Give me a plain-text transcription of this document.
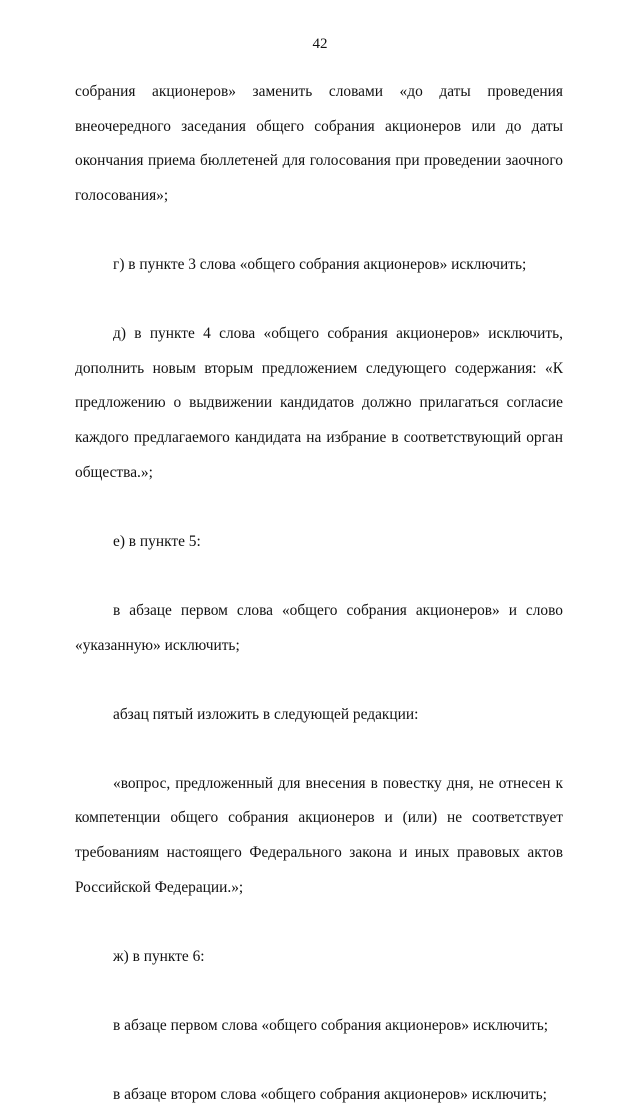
42
собрания акционеров» заменить словами «до даты проведения
внеочередного заседания общего собрания акционеров или до даты
окончания приема бюллетеней для голосования при проведении заочного
голосования»;
г) в пункте 3 слова «общего собрания акционеров» исключить;
д) в пункте 4 слова «общего собрания акционеров» исключить,
дополнить новым вторым предложением следующего содержания: «К
предложению о выдвижении кандидатов должно прилагаться согласие
каждого предлагаемого кандидата на избрание в соответствующий орган
общества.»;
е) в пункте 5:
в абзаце первом слова «общего собрания акционеров» и слово
«указанную» исключить;
абзац пятый изложить в следующей редакции:
«вопрос, предложенный для внесения в повестку дня, не отнесен к
компетенции общего собрания акционеров и (или) не соответствует
требованиям настоящего Федерального закона и иных правовых актов
Российской Федерации.»;
ж) в пункте 6:
в абзаце первом слова «общего собрания акционеров» исключить;
в абзаце втором слова «общего собрания акционеров» исключить;
